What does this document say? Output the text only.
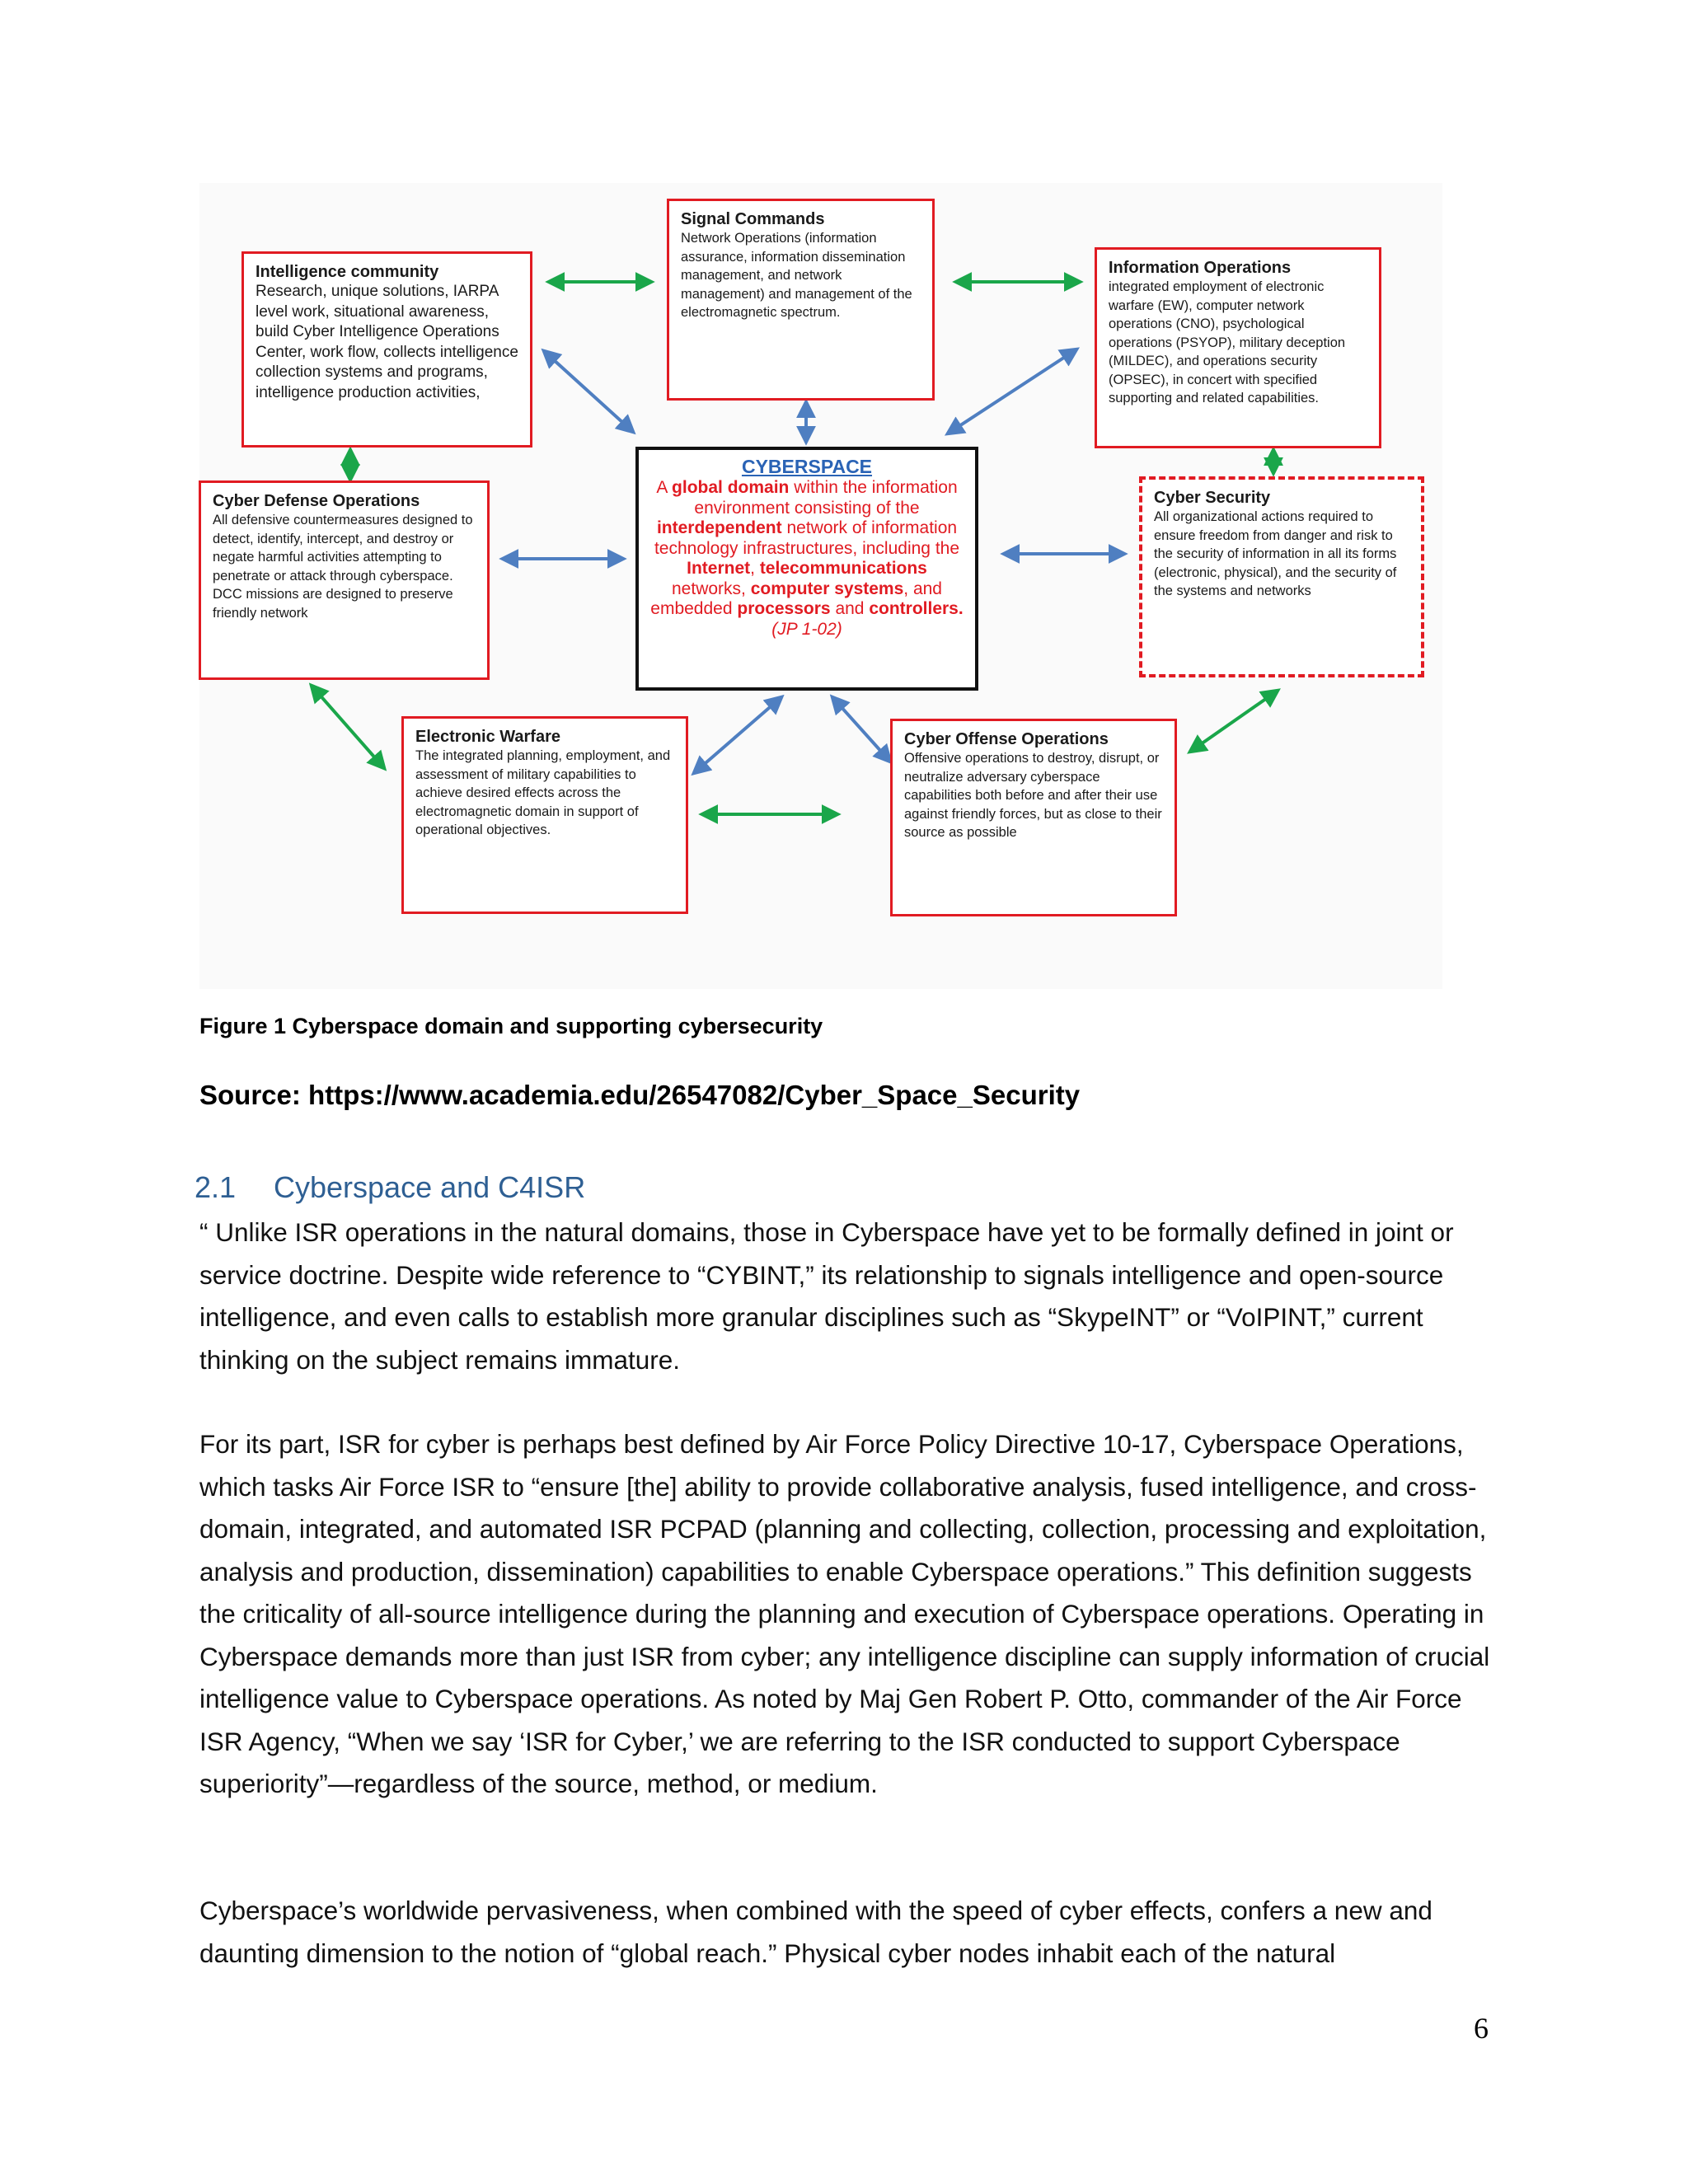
Intelligence community

Research, unique solutions, IARPA level work, situational awareness, build Cyber Intelligence Operations Center, work flow, collects intelligence collection systems and programs, intelligence production activities,

Signal Commands

Network Operations (information assurance, information dissemination management, and network management) and management of the electromagnetic spectrum.

Information Operations

integrated employment of electronic warfare (EW), computer network operations (CNO), psychological operations (PSYOP), military deception (MILDEC), and operations security (OPSEC), in concert with specified supporting and related capabilities.

Cyber Defense Operations

All defensive countermeasures designed to detect, identify, intercept, and destroy or negate harmful activities attempting to penetrate or attack through cyberspace. DCC missions are designed to preserve friendly network

Cyber Security

All organizational actions required to ensure freedom from danger and risk to the security of information in all its forms (electronic, physical), and the security of the systems and networks

Electronic Warfare

The integrated planning, employment, and assessment of military capabilities to achieve desired effects across the electromagnetic domain in support of operational objectives.

Cyber Offense Operations

Offensive operations to destroy, disrupt, or neutralize adversary cyberspace capabilities both before and after their use against friendly forces, but as close to their source as possible

CYBERSPACE
A global domain within the information environment consisting of the interdependent network of information technology infrastructures, including the Internet, telecommunications networks, computer systems, and embedded processors and controllers. (JP 1-02)
Figure 1 Cyberspace domain and supporting cybersecurity
Source: https://www.academia.edu/26547082/Cyber_Space_Security
2.1 Cyberspace and C4ISR

“ Unlike ISR operations in the natural domains, those in Cyberspace have yet to be formally defined in joint or service doctrine. Despite wide reference to “CYBINT,” its relationship to signals intelligence and open-source intelligence, and even calls to establish more granular disciplines such as “SkypeINT” or “VoIPINT,” current thinking on the subject remains immature.

For its part, ISR for cyber is perhaps best defined by Air Force Policy Directive 10-17, Cyberspace Operations, which tasks Air Force ISR to “ensure [the] ability to provide collaborative analysis, fused intelligence, and cross-domain, integrated, and automated ISR PCPAD (planning and collecting, collection, processing and exploitation, analysis and production, dissemination) capabilities to enable Cyberspace operations.” This definition suggests the criticality of all-source intelligence during the planning and execution of Cyberspace operations. Operating in Cyberspace demands more than just ISR from cyber; any intelligence discipline can supply information of crucial intelligence value to Cyberspace operations. As noted by Maj Gen Robert P. Otto, commander of the Air Force ISR Agency, “When we say ‘ISR for Cyber,’ we are referring to the ISR conducted to support Cyberspace superiority”—regardless of the source, method, or medium.

Cyberspace’s worldwide pervasiveness, when combined with the speed of cyber effects, confers a new and daunting dimension to the notion of “global reach.” Physical cyber nodes inhabit each of the natural

6
